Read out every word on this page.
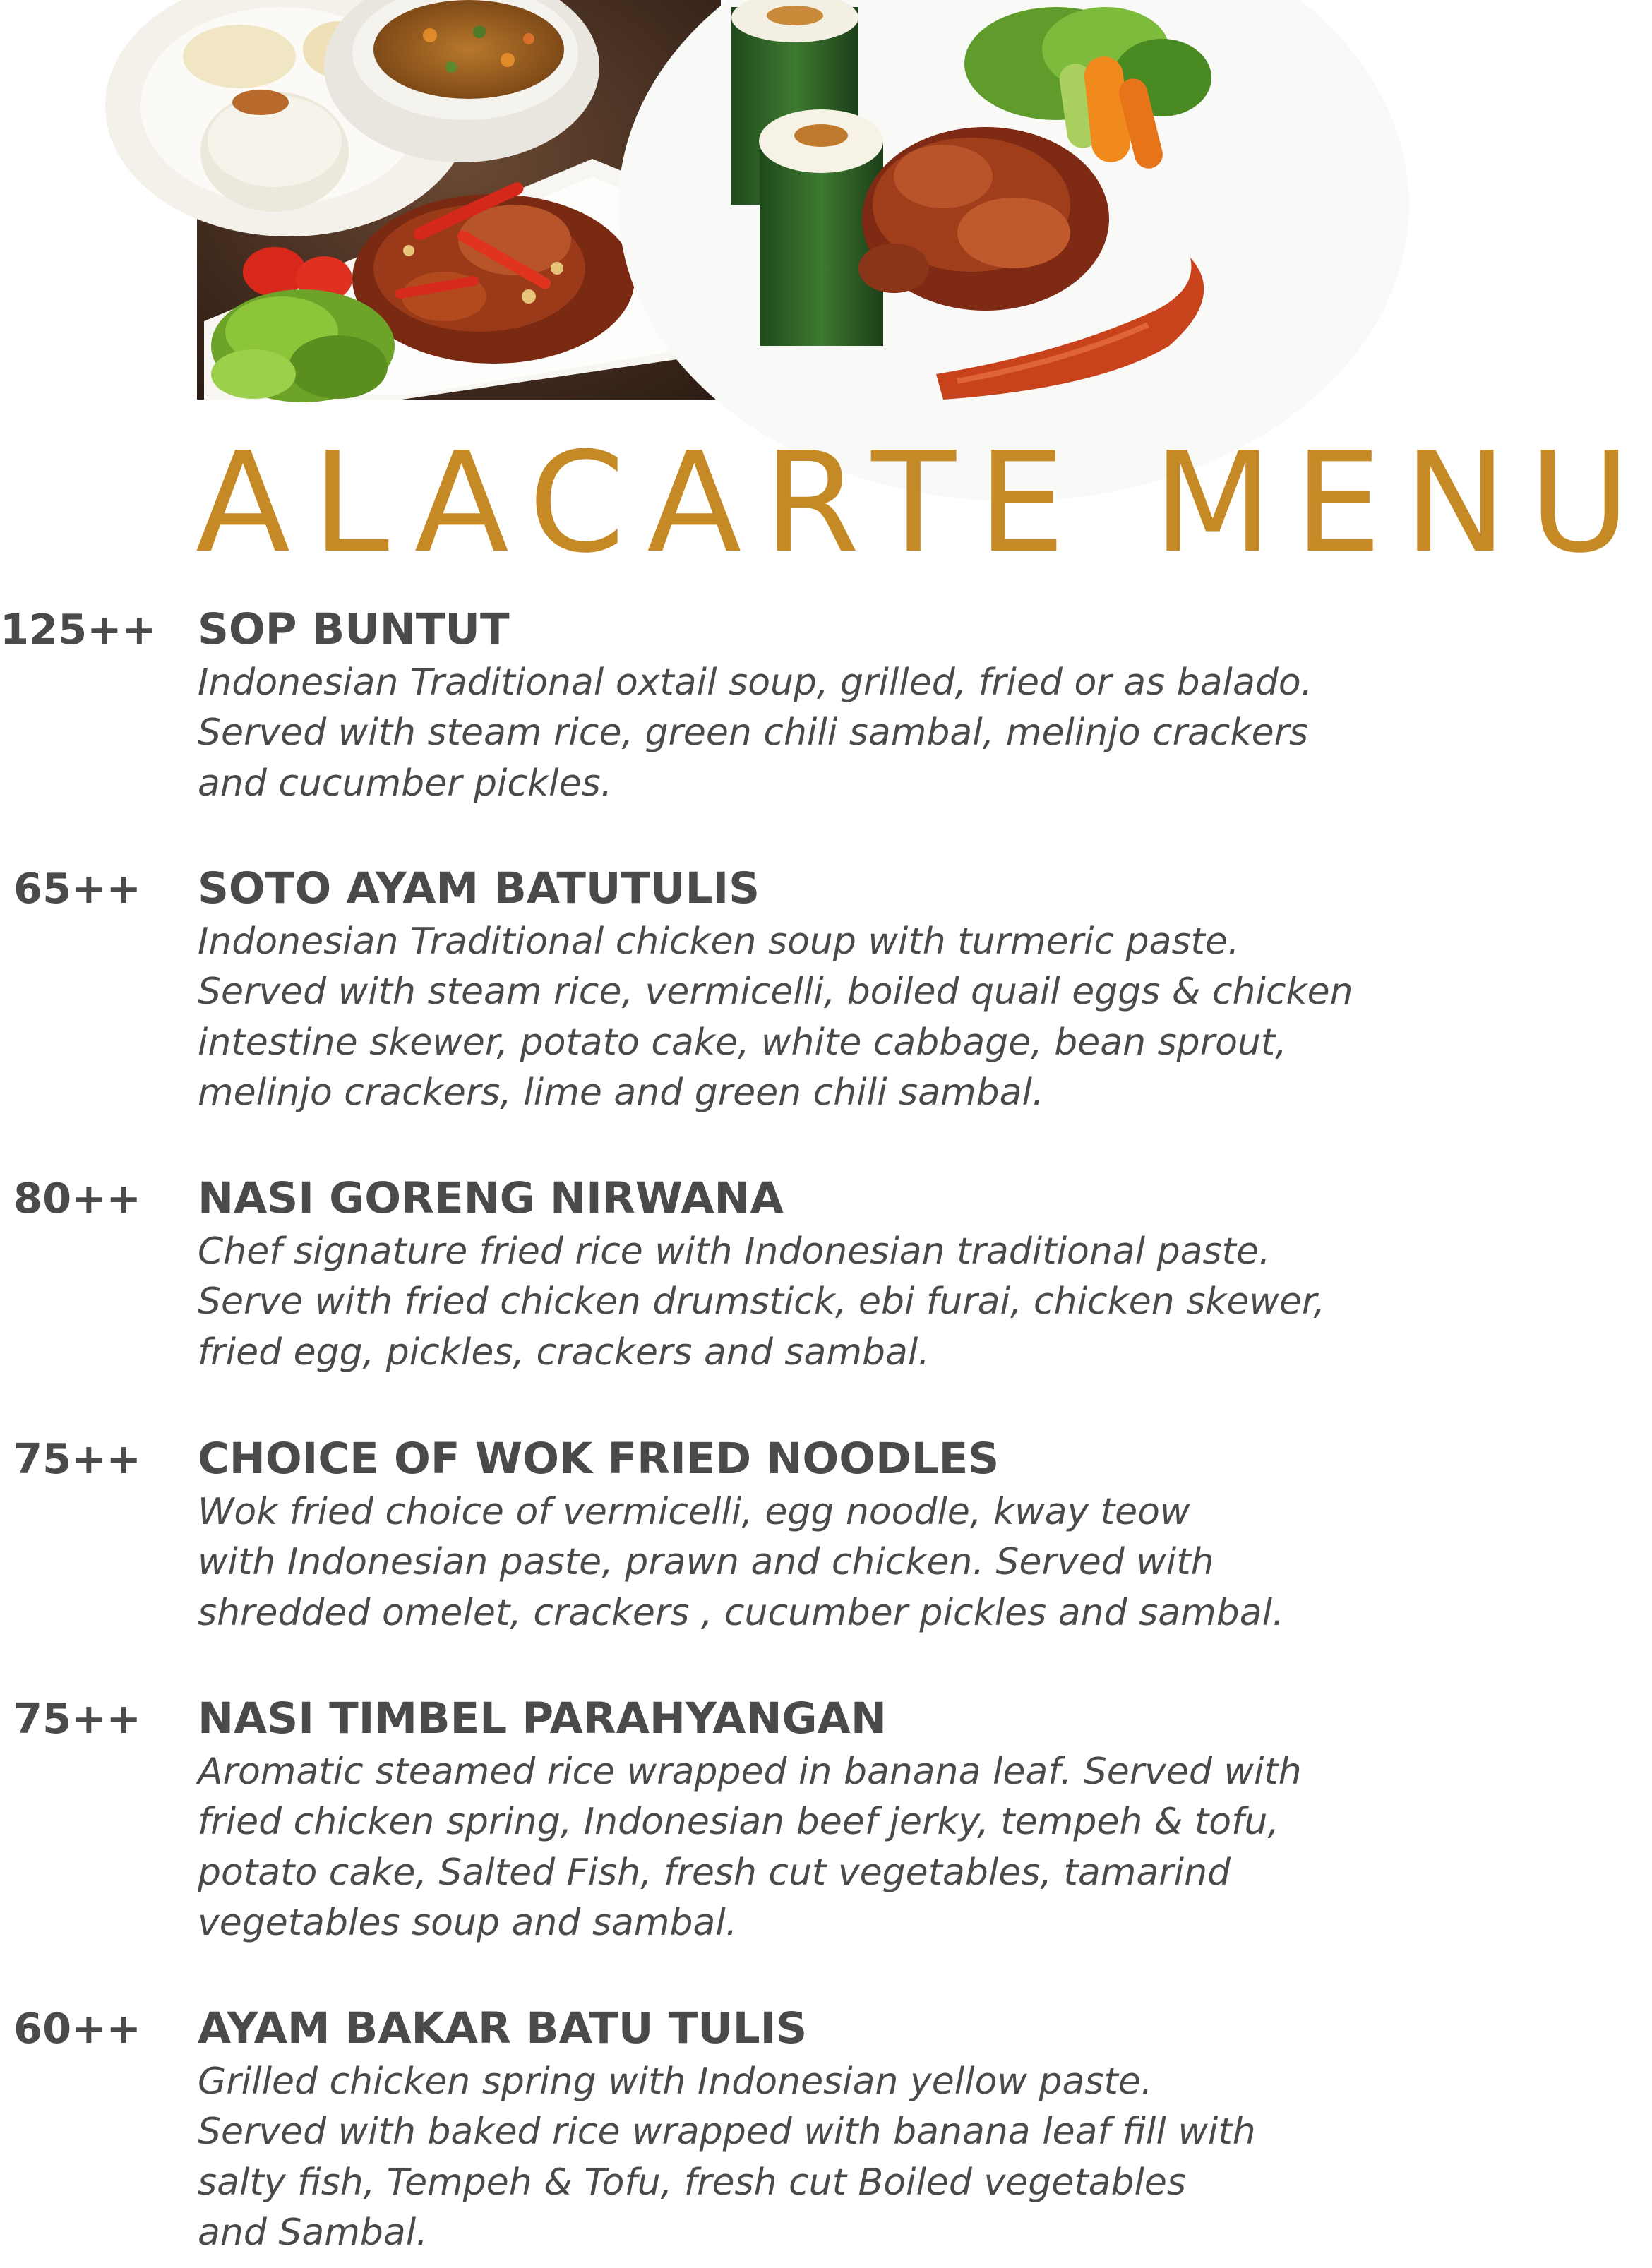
ALACARTE MENU
125++ SOP BUNTUT

Indonesian Traditional oxtail soup, grilled, fried or as balado.
Served with steam rice, green chili sambal, melinjo crackers
and cucumber pickles.

65++ SOTO AYAM BATUTULIS

Indonesian Traditional chicken soup with turmeric paste.
Served with steam rice, vermicelli, boiled quail eggs & chicken
intestine skewer, potato cake, white cabbage, bean sprout,
melinjo crackers, lime and green chili sambal.

80++ NASI GORENG NIRWANA

Chef signature fried rice with Indonesian traditional paste.
Serve with fried chicken drumstick, ebi furai, chicken skewer,
fried egg, pickles, crackers and sambal.

75++ CHOICE OF WOK FRIED NOODLES

Wok fried choice of vermicelli, egg noodle, kway teow
with Indonesian paste, prawn and chicken. Served with
shredded omelet, crackers , cucumber pickles and sambal.

75++ NASI TIMBEL PARAHYANGAN

Aromatic steamed rice wrapped in banana leaf. Served with
fried chicken spring, Indonesian beef jerky, tempeh & tofu,
potato cake, Salted Fish, fresh cut vegetables, tamarind
vegetables soup and sambal.

60++ AYAM BAKAR BATU TULIS

Grilled chicken spring with Indonesian yellow paste.
Served with baked rice wrapped with banana leaf fill with
salty fish, Tempeh & Tofu, fresh cut Boiled vegetables
and Sambal.
